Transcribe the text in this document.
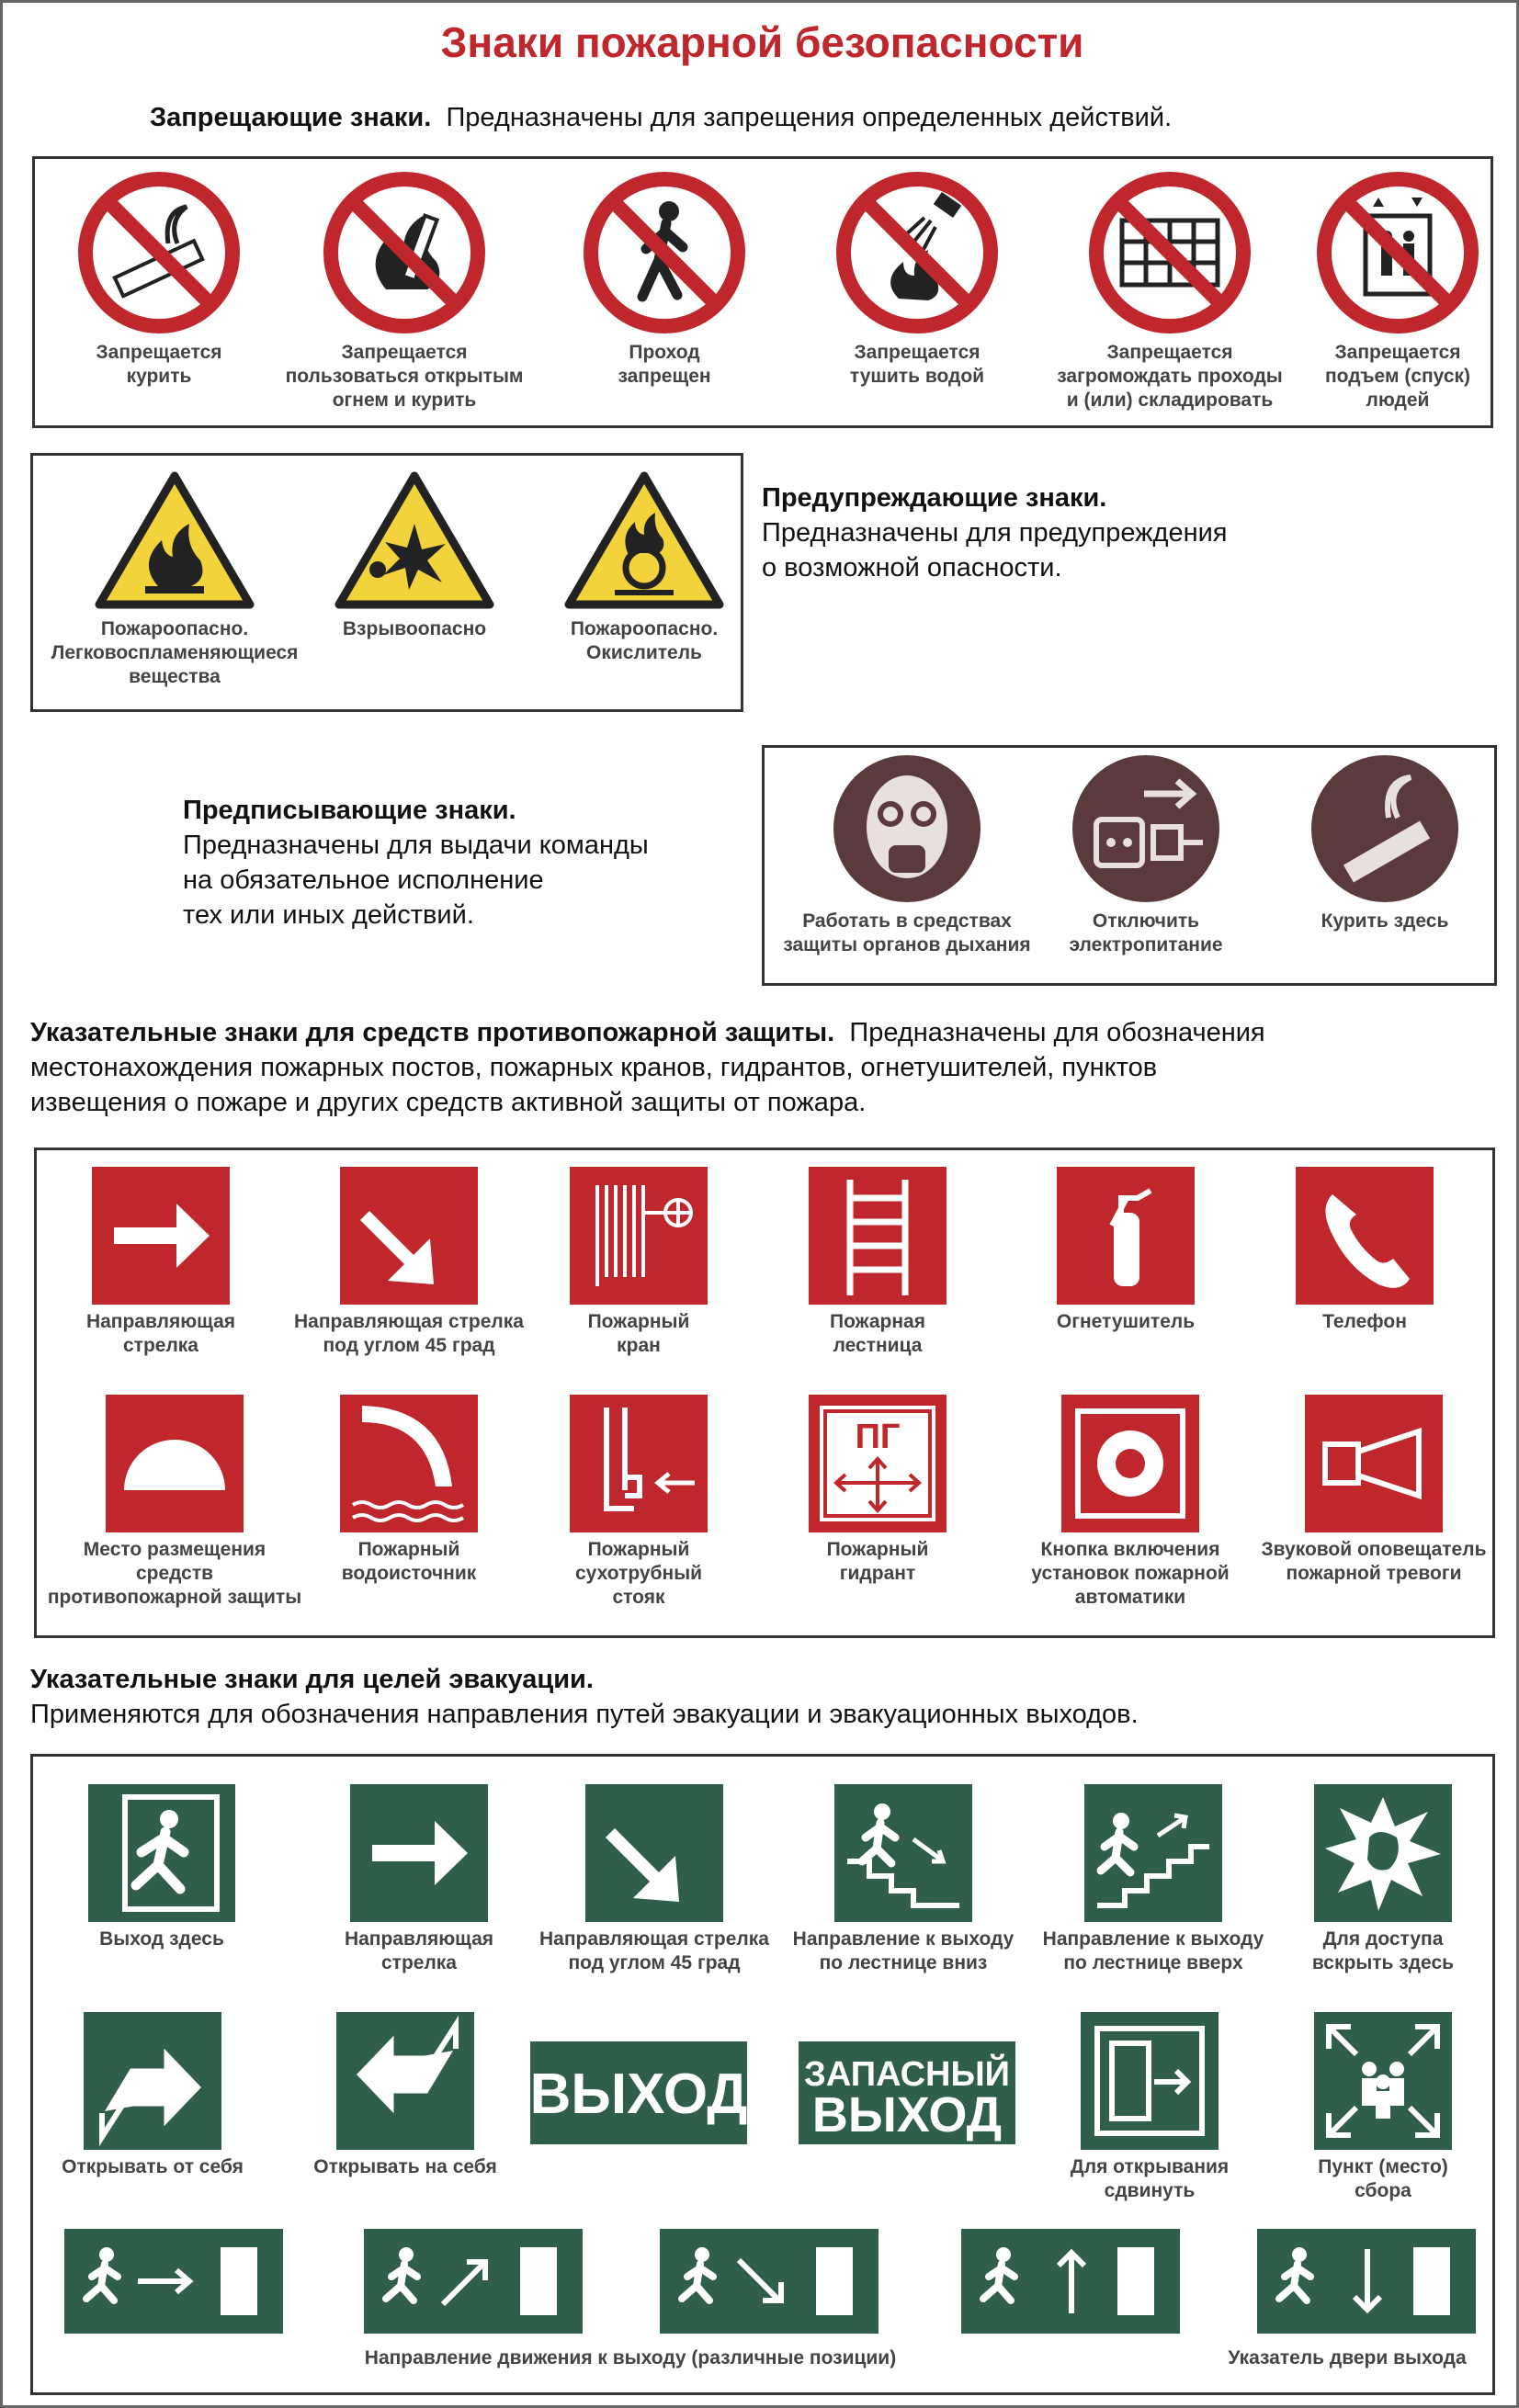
Знаки пожарной безопасности
Запрещающие знаки. Предназначены для запрещения определенных действий.
Запрещается
курить
Запрещается
пользоваться открытым
огнем и курить
Проход
запрещен
Запрещается
тушить водой
Запрещается
загромождать проходы
и (или) складировать
Запрещается
подъем (спуск)
людей
Пожароопасно.
Легковоспламеняющиеся
вещества
Взрывоопасно	Пожароопасно.
Окислитель
Предупреждающие знаки.
Предназначены для предупреждения
о возможной опасности.
Предписывающие знаки.
Предназначены для выдачи команды
на обязательное исполнение
тех или иных действий.	Работать в средствах
защиты органов дыхания
Отключить
электропитание
Курить здесь
Указательные знаки для средств противопожарной защиты. Предназначены для обозначения
местонахождения пожарных постов, пожарных кранов, гидрантов, огнетушителей, пунктов
извещения о пожаре и других средств активной защиты от пожара.
Направляющая
стрелка
Направляющая стрелка
под углом 45 град
Пожарный
кран
Пожарная
лестница
Огнетушитель	Телефон
Место размещения
средств
противопожарной защиты
Пожарный
водоисточник
Пожарный
сухотрубный
стояк
ПГ
Пожарный
гидрант
Кнопка включения
установок пожарной
автоматики
Звуковой оповещатель
пожарной тревоги
Указательные знаки для целей эвакуации.
Применяются для обозначения направления путей эвакуации и эвакуационных выходов.
Выход здесь	Направляющая
стрелка
Направляющая стрелка
под углом 45 град
Направление к выходу
по лестнице вниз
Направление к выходу
по лестнице вверх
Для доступа
вскрыть здесь
Открывать от себя	Открывать на себя
ВЫХОД ЗАПАСНЫЙ
ВЫХОД
Для открывания
сдвинуть
Пункт (место)
сбора
Направление движения к выходу (различные позиции)	Указатель двери выхода
